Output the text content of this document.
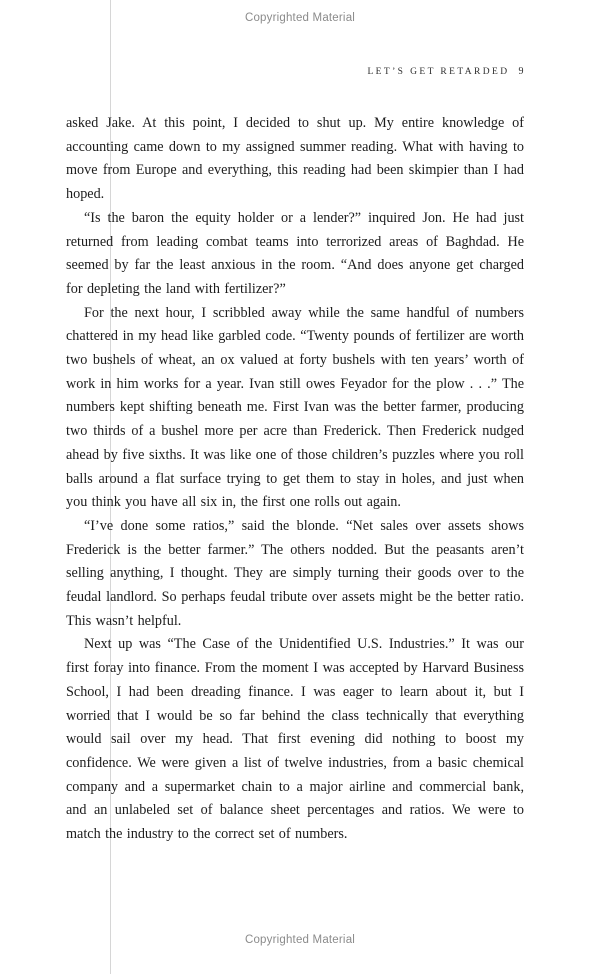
Copyrighted Material
LET’S GET RETARDED 9

asked Jake. At this point, I decided to shut up. My entire knowledge of accounting came down to my assigned summer reading. What with having to move from Europe and everything, this reading had been skimpier than I had hoped.

“Is the baron the equity holder or a lender?” inquired Jon. He had just returned from leading combat teams into terrorized areas of Baghdad. He seemed by far the least anxious in the room. “And does anyone get charged for depleting the land with fertilizer?”

For the next hour, I scribbled away while the same handful of numbers chattered in my head like garbled code. “Twenty pounds of fertilizer are worth two bushels of wheat, an ox valued at forty bushels with ten years’ worth of work in him works for a year. Ivan still owes Feyador for the plow . . .” The numbers kept shifting beneath me. First Ivan was the better farmer, producing two thirds of a bushel more per acre than Frederick. Then Frederick nudged ahead by five sixths. It was like one of those children’s puzzles where you roll balls around a flat surface trying to get them to stay in holes, and just when you think you have all six in, the first one rolls out again.

“I’ve done some ratios,” said the blonde. “Net sales over assets shows Frederick is the better farmer.” The others nodded. But the peasants aren’t selling anything, I thought. They are simply turning their goods over to the feudal landlord. So perhaps feudal tribute over assets might be the better ratio. This wasn’t helpful.

Next up was “The Case of the Unidentified U.S. Industries.” It was our first foray into finance. From the moment I was accepted by Harvard Business School, I had been dreading finance. I was eager to learn about it, but I worried that I would be so far behind the class technically that everything would sail over my head. That first evening did nothing to boost my confidence. We were given a list of twelve industries, from a basic chemical company and a supermarket chain to a major airline and commercial bank, and an unlabeled set of balance sheet percentages and ratios. We were to match the industry to the correct set of numbers.

Copyrighted Material
